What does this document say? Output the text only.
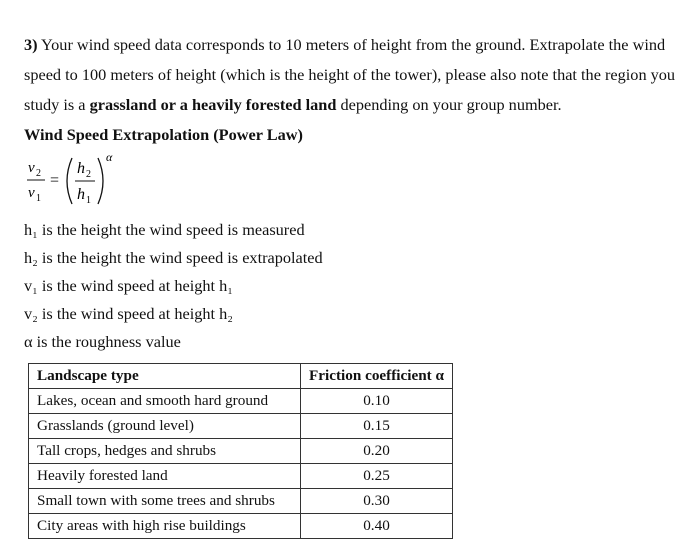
3) Your wind speed data corresponds to 10 meters of height from the ground. Extrapolate the wind
speed to 100 meters of height (which is the height of the tower), please also note that the region you
study is a grassland or a heavily forested land depending on your group number.

Wind Speed Extrapolation (Power Law)
v 2
v 1
=
h 2
h 1
α
h₁ is the height the wind speed is measured
h₂ is the height the wind speed is extrapolated
v₁ is the wind speed at height h₁
v₂ is the wind speed at height h₂
α is the roughness value
Landscape type	Friction coefficient α
Lakes, ocean and smooth hard ground	0.10
Grasslands (ground level)	0.15
Tall crops, hedges and shrubs	0.20
Heavily forested land	0.25
Small town with some trees and shrubs	0.30
City areas with high rise buildings	0.40
